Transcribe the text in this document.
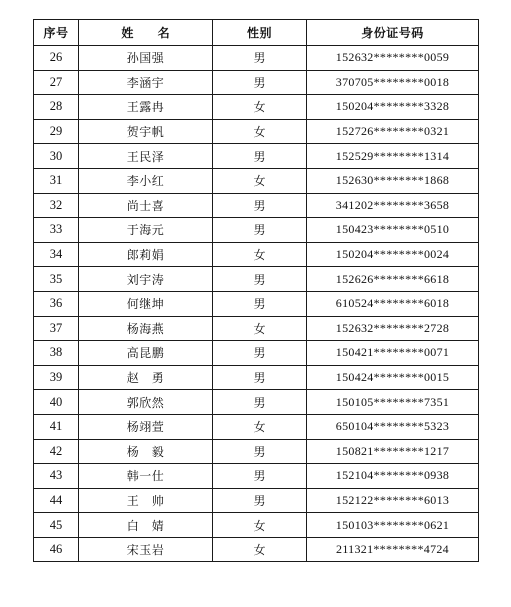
序号	姓 名	性别	身份证号码
26	孙国强	男	152632********0059
27	李涵宇	男	370705********0018
28	王露冉	女	150204********3328
29	贺宇帆	女	152726********0321
30	王民泽	男	152529********1314
31	李小红	女	152630********1868
32	尚士喜	男	341202********3658
33	于海元	男	150423********0510
34	郎莉娟	女	150204********0024
35	刘宇涛	男	152626********6618
36	何继坤	男	610524********6018
37	杨海燕	女	152632********2728
38	高昆鹏	男	150421********0071
39	赵　勇	男	150424********0015
40	郭欣然	男	150105********7351
41	杨翊萱	女	650104********5323
42	杨　毅	男	150821********1217
43	韩一仕	男	152104********0938
44	王　帅	男	152122********6013
45	白　婧	女	150103********0621
46	宋玉岩	女	211321********4724
